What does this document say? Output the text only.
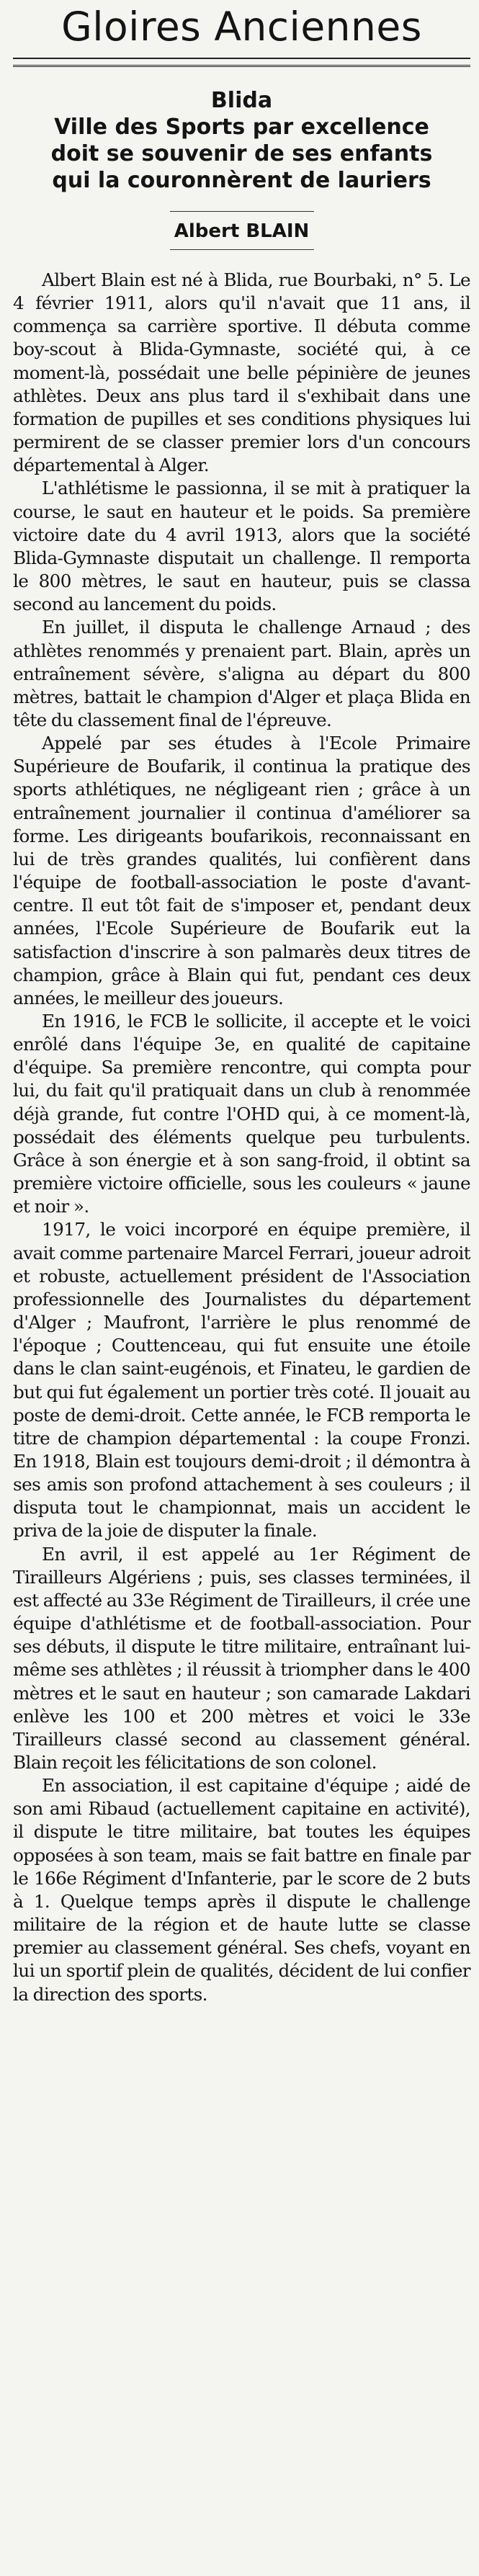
Gloires Anciennes
Blida
Ville des Sports par excellence
doit se souvenir de ses enfants
qui la couronnèrent de lauriers
Albert BLAIN

Albert Blain est né à Blida, rue Bourbaki, n° 5. Le 4 février 1911, alors qu'il n'avait que 11 ans, il commença sa carrière sportive. Il débuta comme boy-scout à Blida-Gymnaste, société qui, à ce moment-là, possédait une belle pépinière de jeunes athlètes. Deux ans plus tard il s'exhibait dans une formation de pupilles et ses conditions physiques lui permirent de se classer premier lors d'un concours départemental à Alger.

L'athlétisme le passionna, il se mit à pratiquer la course, le saut en hauteur et le poids. Sa première victoire date du 4 avril 1913, alors que la société Blida-Gymnaste disputait un challenge. Il remporta le 800 mètres, le saut en hauteur, puis se classa second au lancement du poids.

En juillet, il disputa le challenge Arnaud ; des athlètes renommés y prenaient part. Blain, après un entraînement sévère, s'aligna au départ du 800 mètres, battait le champion d'Alger et plaça Blida en tête du classement final de l'épreuve.

Appelé par ses études à l'Ecole Primaire Supérieure de Boufarik, il continua la pratique des sports athlétiques, ne négligeant rien ; grâce à un entraînement journalier il continua d'améliorer sa forme. Les dirigeants boufarikois, reconnaissant en lui de très grandes qualités, lui confièrent dans l'équipe de football-association le poste d'avant-centre. Il eut tôt fait de s'imposer et, pendant deux années, l'Ecole Supérieure de Boufarik eut la satisfaction d'inscrire à son palmarès deux titres de champion, grâce à Blain qui fut, pendant ces deux années, le meilleur des joueurs.

En 1916, le FCB le sollicite, il accepte et le voici enrôlé dans l'équipe 3e, en qualité de capitaine d'équipe. Sa première rencontre, qui compta pour lui, du fait qu'il pratiquait dans un club à renommée déjà grande, fut contre l'OHD qui, à ce moment-là, possédait des éléments quelque peu turbulents. Grâce à son énergie et à son sang-froid, il obtint sa première victoire officielle, sous les couleurs « jaune et noir ».

1917, le voici incorporé en équipe première, il avait comme partenaire Marcel Ferrari, joueur adroit et robuste, actuellement président de l'Association professionnelle des Journalistes du département d'Alger ; Maufront, l'arrière le plus renommé de l'époque ; Couttenceau, qui fut ensuite une étoile dans le clan saint-eugénois, et Finateu, le gardien de but qui fut également un portier très coté. Il jouait au poste de demi-droit. Cette année, le FCB remporta le titre de champion départemental : la coupe Fronzi. En 1918, Blain est toujours demi-droit ; il démontra à ses amis son profond attachement à ses couleurs ; il disputa tout le championnat, mais un accident le priva de la joie de disputer la finale.

En avril, il est appelé au 1er Régiment de Tirailleurs Algériens ; puis, ses classes terminées, il est affecté au 33e Régiment de Tirailleurs, il crée une équipe d'athlétisme et de football-association. Pour ses débuts, il dispute le titre militaire, entraînant lui-même ses athlètes ; il réussit à triompher dans le 400 mètres et le saut en hauteur ; son camarade Lakdari enlève les 100 et 200 mètres et voici le 33e Tirailleurs classé second au classement général. Blain reçoit les félicitations de son colonel.

En association, il est capitaine d'équipe ; aidé de son ami Ribaud (actuellement capitaine en activité), il dispute le titre militaire, bat toutes les équipes opposées à son team, mais se fait battre en finale par le 166e Régiment d'Infanterie, par le score de 2 buts à 1. Quelque temps après il dispute le challenge militaire de la région et de haute lutte se classe premier au classement général. Ses chefs, voyant en lui un sportif plein de qualités, décident de lui confier la direction des sports.
